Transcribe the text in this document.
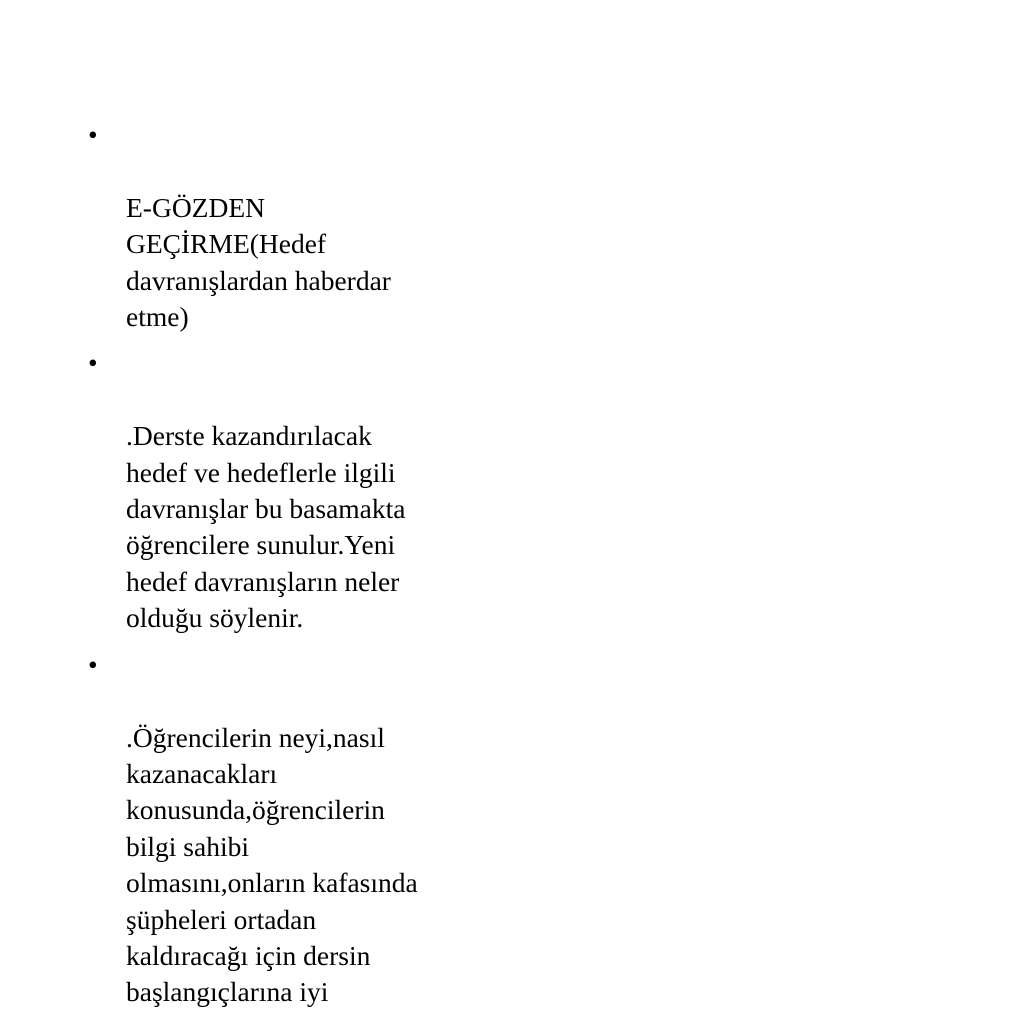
•

E-GÖZDEN
GEÇİRME(Hedef
davranışlardan haberdar
etme)

•

.Derste kazandırılacak
hedef ve hedeflerle ilgili
davranışlar bu basamakta
öğrencilere sunulur.Yeni
hedef davranışların neler
olduğu söylenir.

•

.Öğrencilerin neyi,nasıl
kazanacakları
konusunda,öğrencilerin
bilgi sahibi
olmasını,onların kafasında
şüpheleri ortadan
kaldıracağı için dersin
başlangıçlarına iyi
